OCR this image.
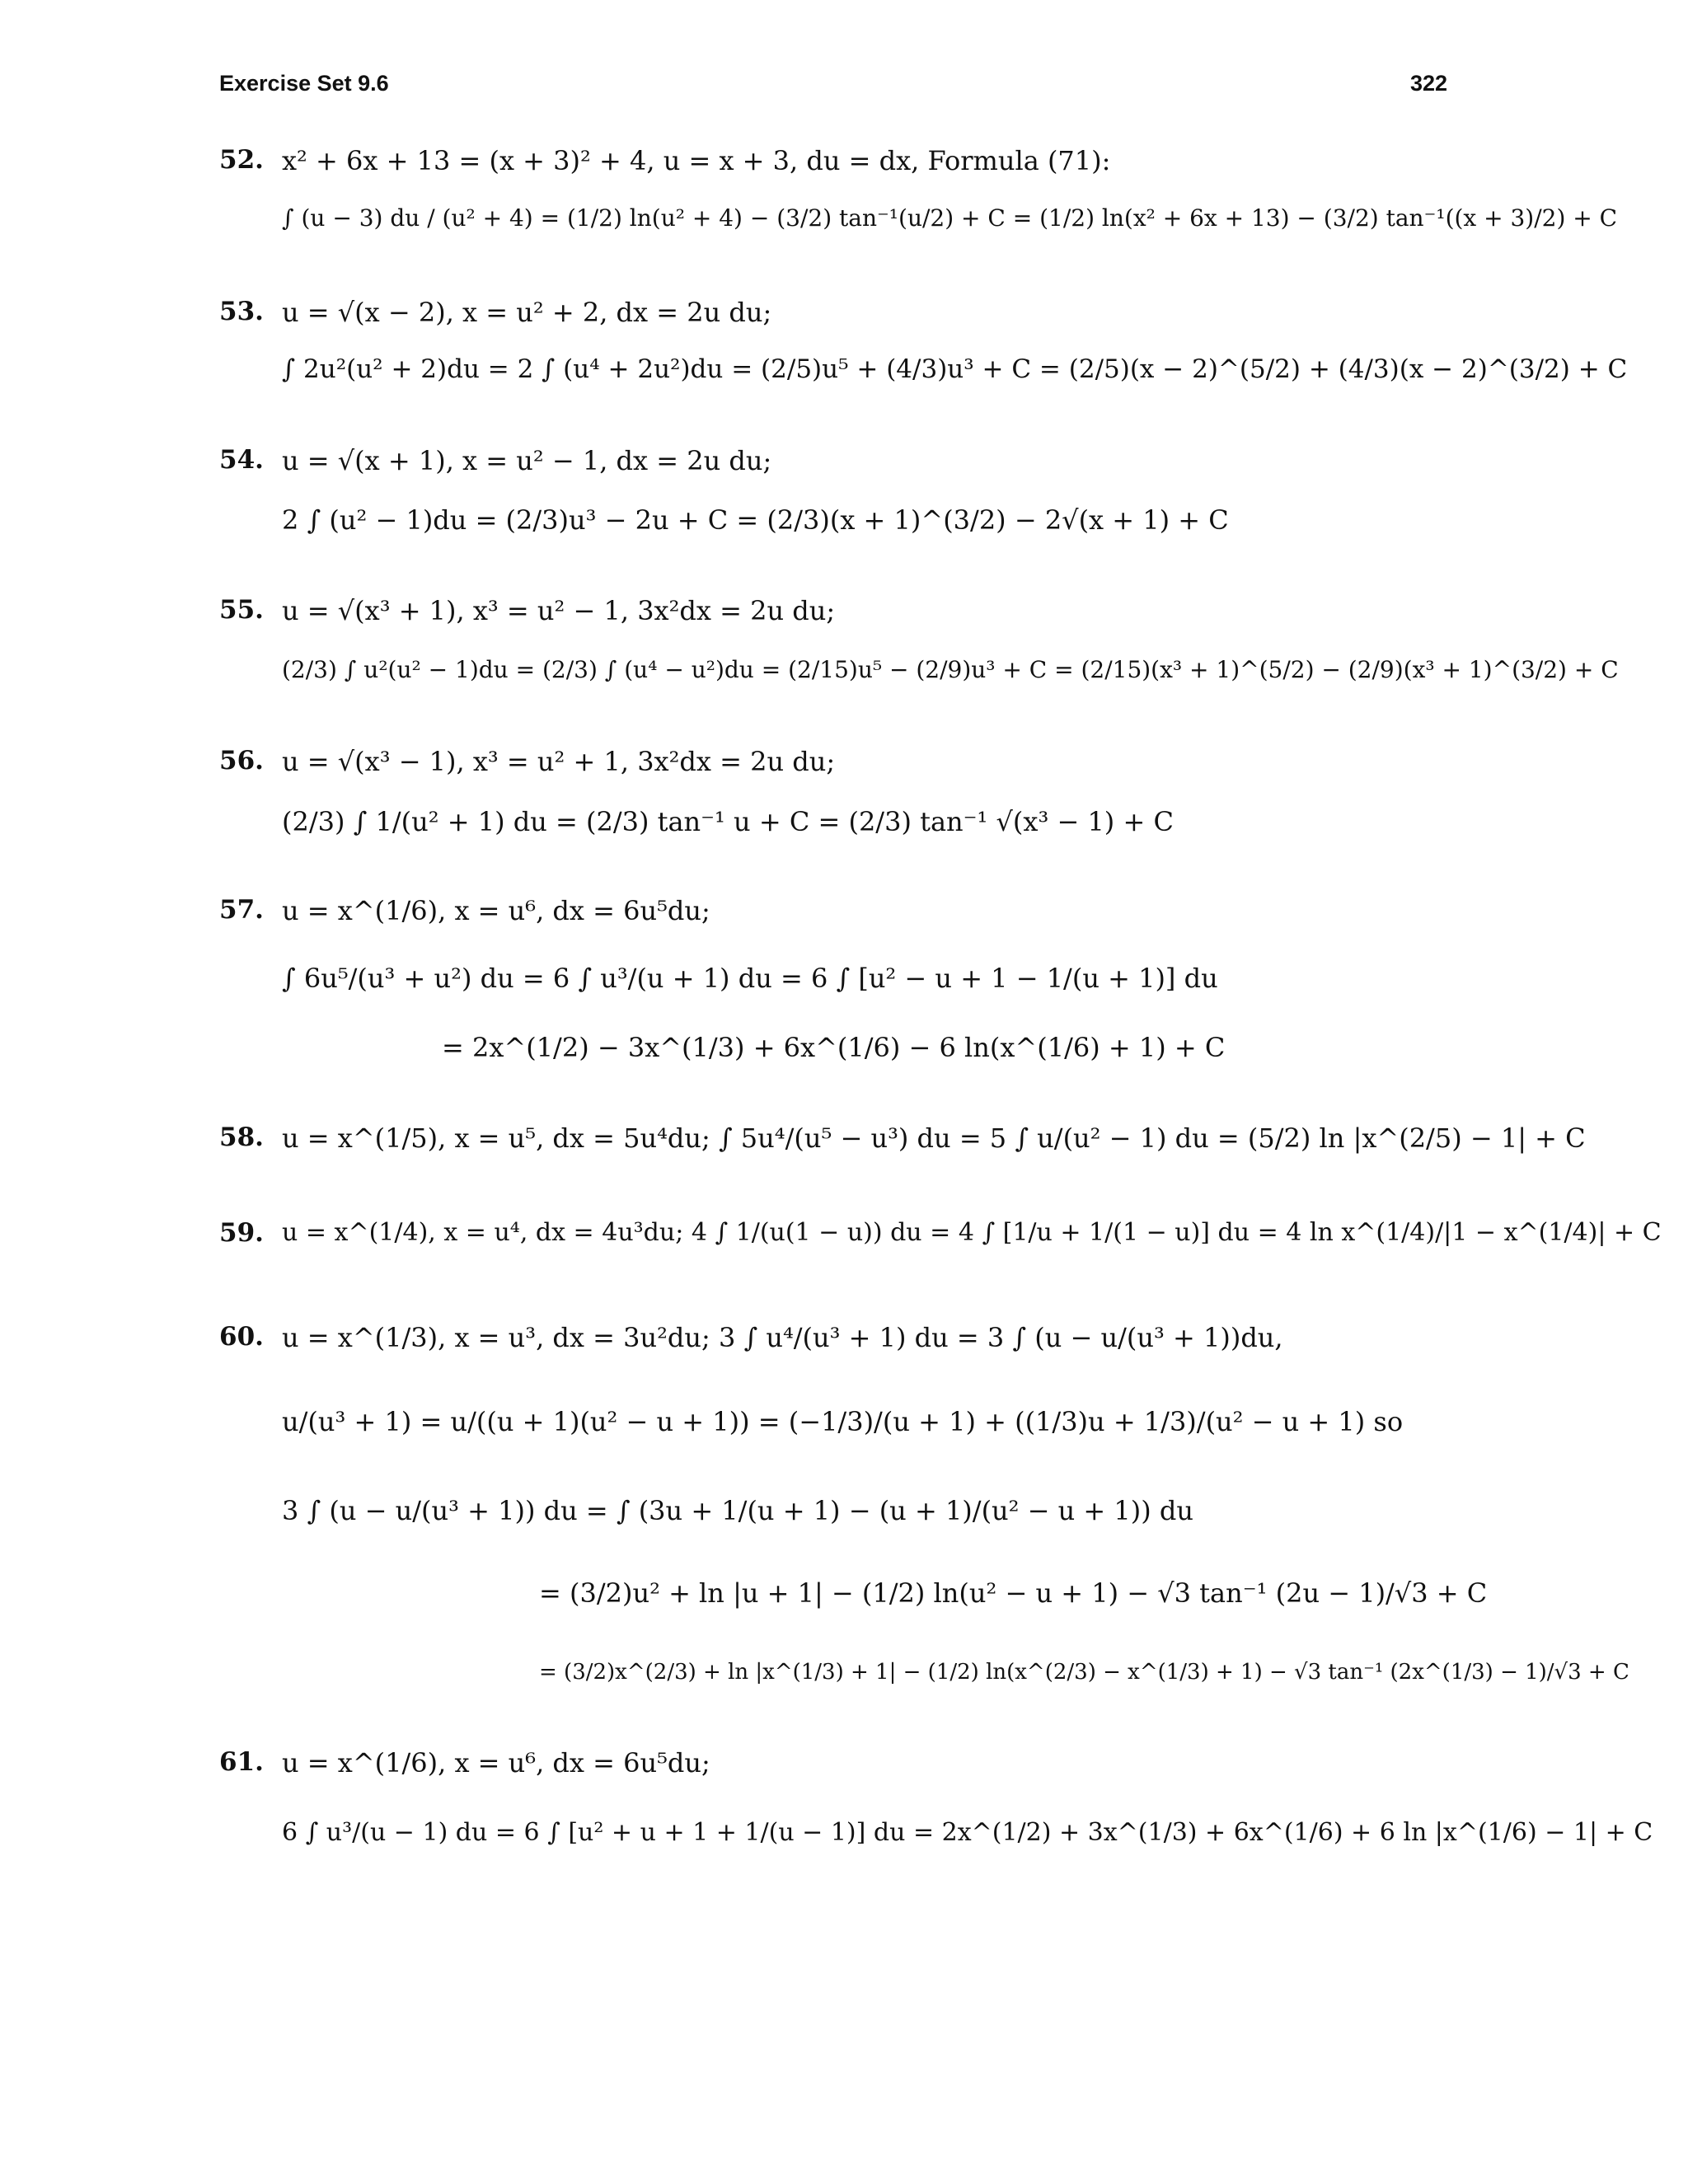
Exercise Set 9.6	322
52. x² + 6x + 13 = (x + 3)² + 4, u = x + 3, du = dx, Formula (71):
∫ (u − 3) du / (u² + 4) = (1/2) ln(u² + 4) − (3/2) tan⁻¹(u/2) + C = (1/2) ln(x² + 6x + 13) − (3/2) tan⁻¹((x + 3)/2) + C
53. u = √(x − 2), x = u² + 2, dx = 2u du;
∫ 2u²(u² + 2)du = 2 ∫ (u⁴ + 2u²)du = (2/5)u⁵ + (4/3)u³ + C = (2/5)(x − 2)^(5/2) + (4/3)(x − 2)^(3/2) + C
54. u = √(x + 1), x = u² − 1, dx = 2u du;
2 ∫ (u² − 1)du = (2/3)u³ − 2u + C = (2/3)(x + 1)^(3/2) − 2√(x + 1) + C
55. u = √(x³ + 1), x³ = u² − 1, 3x²dx = 2u du;
(2/3) ∫ u²(u² − 1)du = (2/3) ∫ (u⁴ − u²)du = (2/15)u⁵ − (2/9)u³ + C = (2/15)(x³ + 1)^(5/2) − (2/9)(x³ + 1)^(3/2) + C
56. u = √(x³ − 1), x³ = u² + 1, 3x²dx = 2u du;
(2/3) ∫ 1/(u² + 1) du = (2/3) tan⁻¹ u + C = (2/3) tan⁻¹ √(x³ − 1) + C
57. u = x^(1/6), x = u⁶, dx = 6u⁵du;
∫ 6u⁵/(u³ + u²) du = 6 ∫ u³/(u + 1) du = 6 ∫ [u² − u + 1 − 1/(u + 1)] du
= 2x^(1/2) − 3x^(1/3) + 6x^(1/6) − 6 ln(x^(1/6) + 1) + C
58. u = x^(1/5), x = u⁵, dx = 5u⁴du; ∫ 5u⁴/(u⁵ − u³) du = 5 ∫ u/(u² − 1) du = (5/2) ln |x^(2/5) − 1| + C
59. u = x^(1/4), x = u⁴, dx = 4u³du; 4 ∫ 1/(u(1 − u)) du = 4 ∫ [1/u + 1/(1 − u)] du = 4 ln x^(1/4)/|1 − x^(1/4)| + C
60. u = x^(1/3), x = u³, dx = 3u²du; 3 ∫ u⁴/(u³ + 1) du = 3 ∫ (u − u/(u³ + 1))du,
u/(u³ + 1) = u/((u + 1)(u² − u + 1)) = (−1/3)/(u + 1) + ((1/3)u + 1/3)/(u² − u + 1) so
3 ∫ (u − u/(u³ + 1)) du = ∫ (3u + 1/(u + 1) − (u + 1)/(u² − u + 1)) du
= (3/2)u² + ln |u + 1| − (1/2) ln(u² − u + 1) − √3 tan⁻¹ (2u − 1)/√3 + C
= (3/2)x^(2/3) + ln |x^(1/3) + 1| − (1/2) ln(x^(2/3) − x^(1/3) + 1) − √3 tan⁻¹ (2x^(1/3) − 1)/√3 + C
61. u = x^(1/6), x = u⁶, dx = 6u⁵du;
6 ∫ u³/(u − 1) du = 6 ∫ [u² + u + 1 + 1/(u − 1)] du = 2x^(1/2) + 3x^(1/3) + 6x^(1/6) + 6 ln |x^(1/6) − 1| + C
